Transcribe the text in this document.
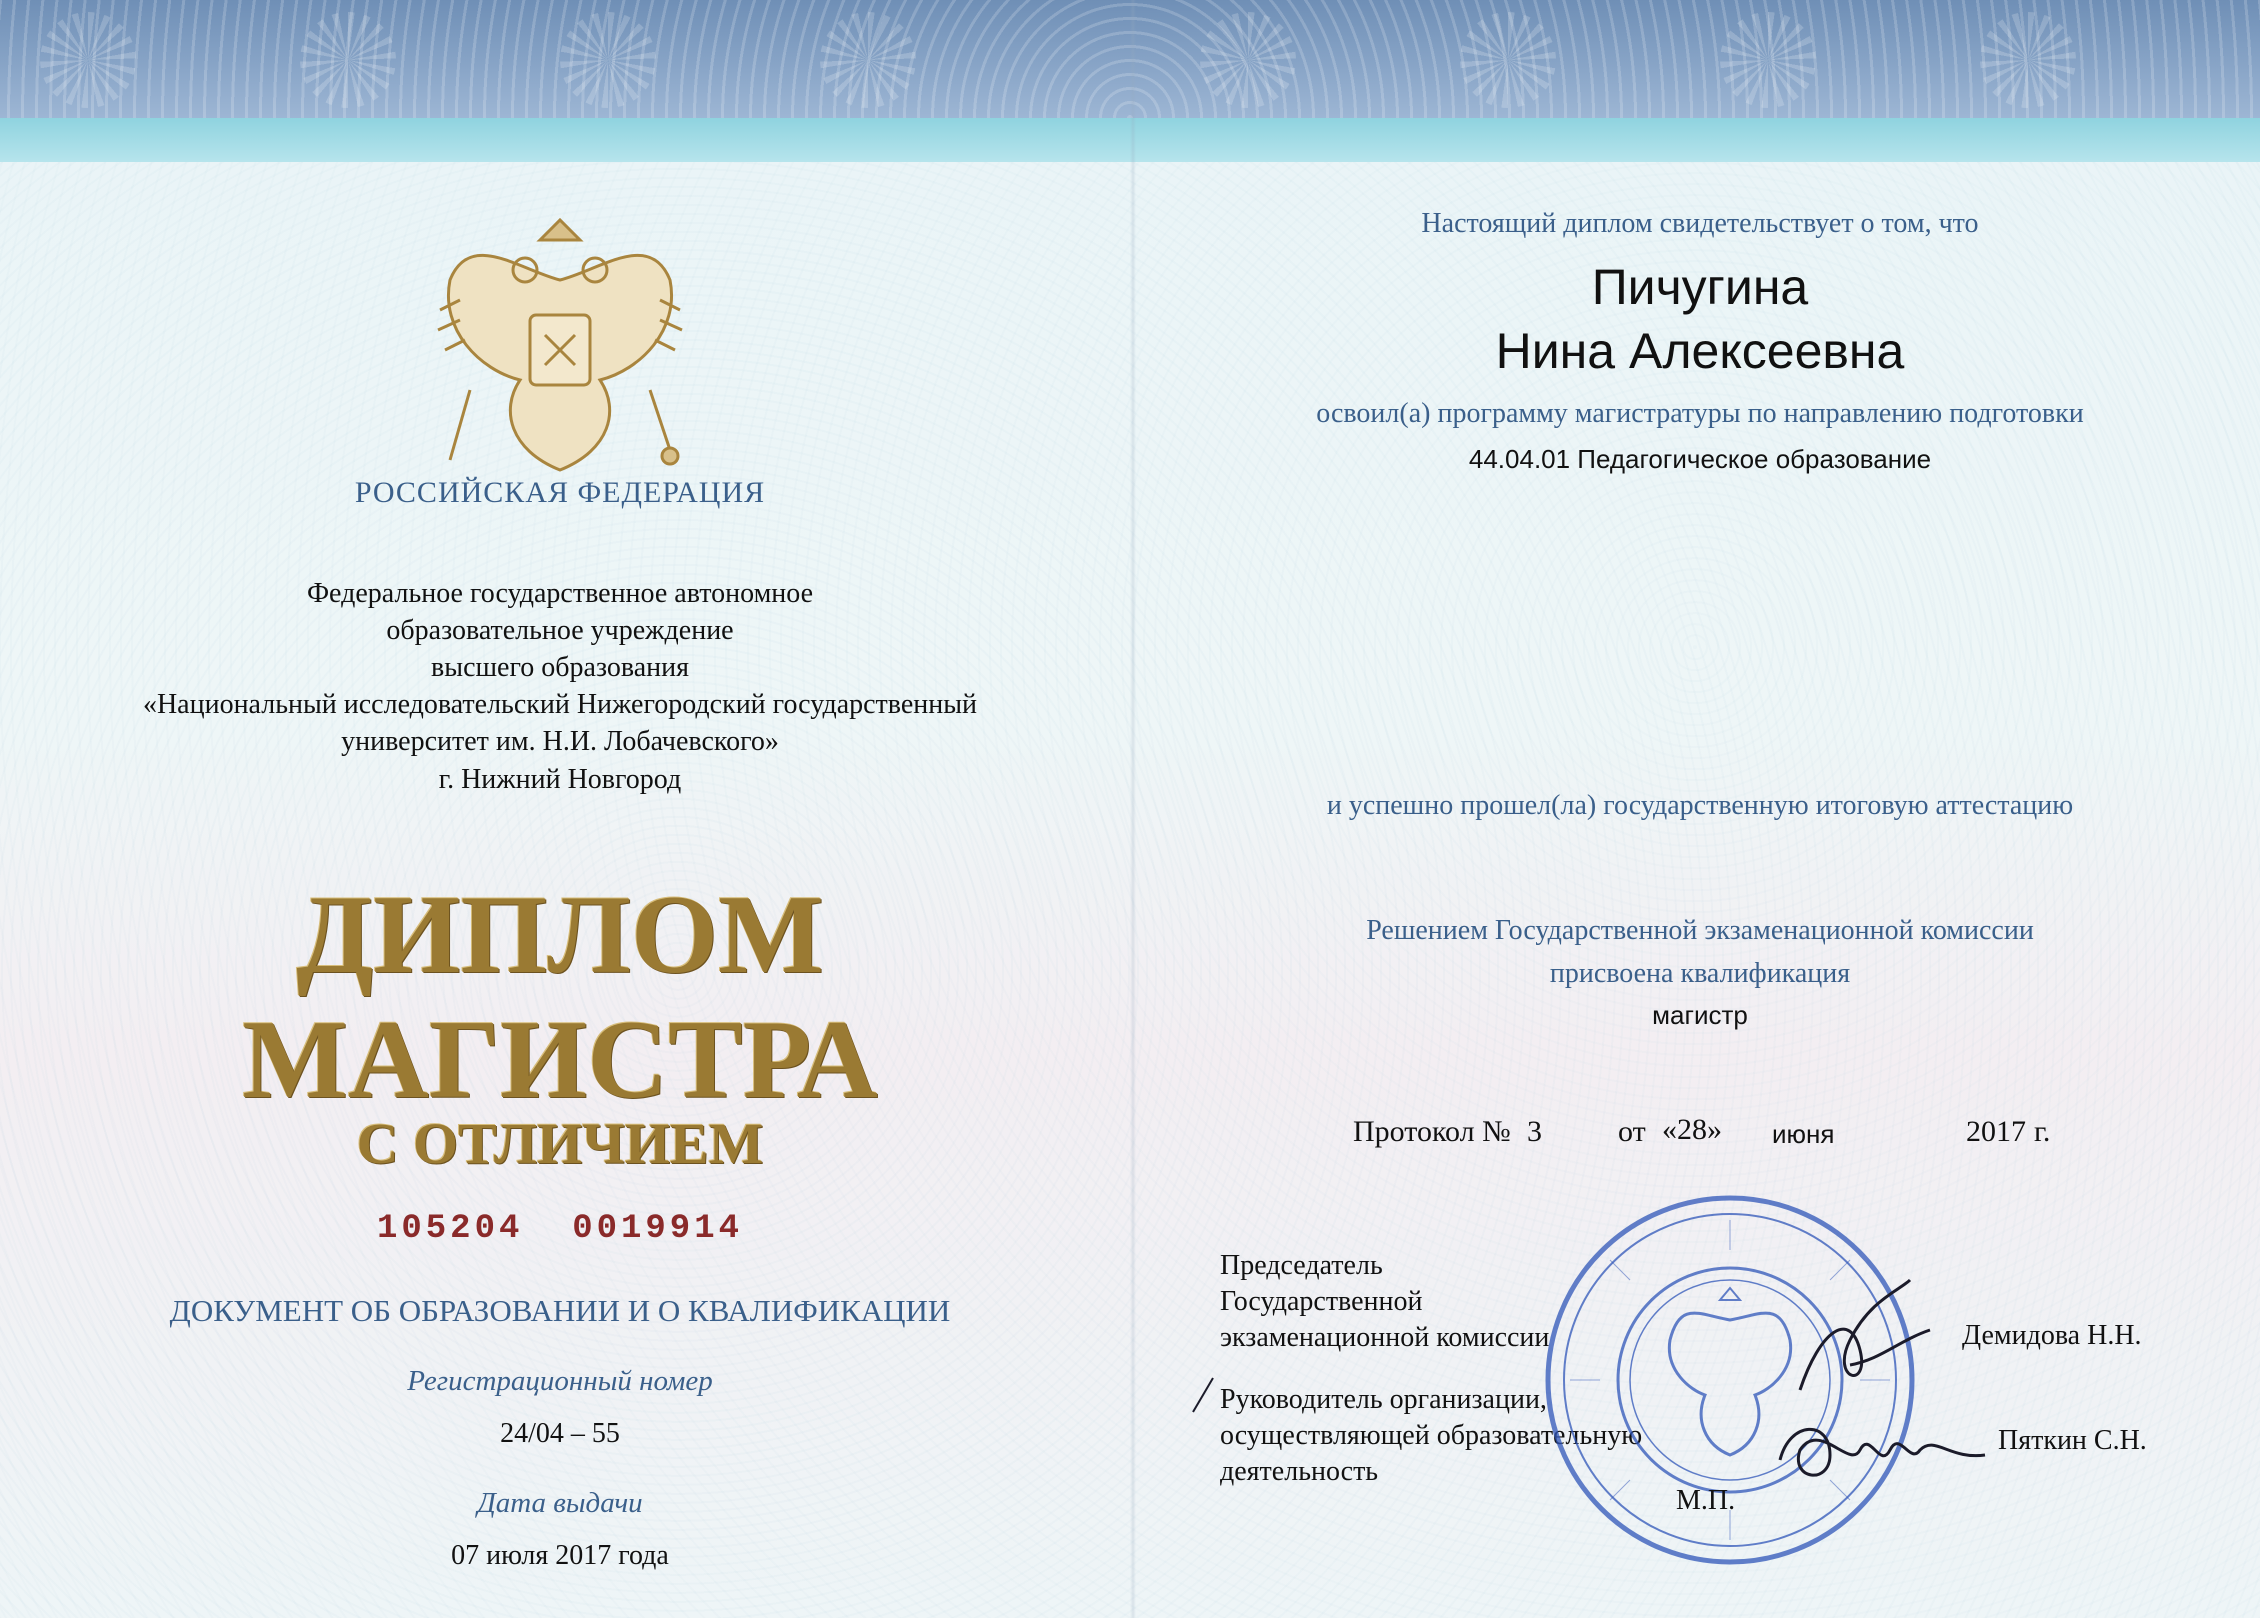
РОССИЙСКАЯ ФЕДЕРАЦИЯ
Федеральное государственное автономное
образовательное учреждение
высшего образования
«Национальный исследовательский Нижегородский государственный
университет им. Н.И. Лобачевского»
г. Нижний Новгород
ДИПЛОМ
МАГИСТРА
С ОТЛИЧИЕМ
105204  0019914
ДОКУМЕНТ ОБ ОБРАЗОВАНИИ И О КВАЛИФИКАЦИИ
Регистрационный номер
24/04 – 55
Дата выдачи
07 июля 2017 года
Настоящий диплом свидетельствует о том, что
Пичугина
Нина Алексеевна
освоил(а) программу магистратуры по направлению подготовки
44.04.01 Педагогическое образование
и успешно прошел(ла) государственную итоговую аттестацию
Решением Государственной экзаменационной комиссии
присвоена квалификация
магистр
Протокол № 3	от «28» июня	2017 г.
Председатель
Государственной
экзаменационной комиссии	Демидова Н.Н.
Руководитель организации,
осуществляющей образовательную
деятельность
Пяткин С.Н.
М.П.
